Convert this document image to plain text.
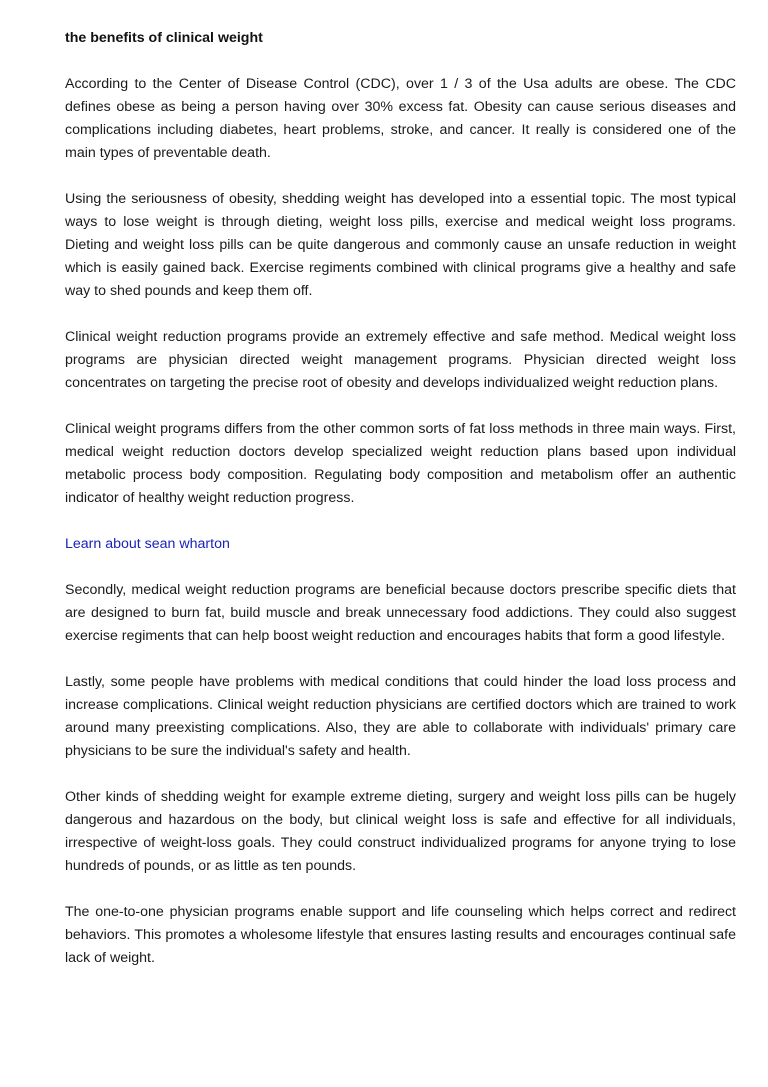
the benefits of clinical weight

According to the Center of Disease Control (CDC), over 1 / 3 of the Usa adults are obese. The CDC defines obese as being a person having over 30% excess fat. Obesity can cause serious diseases and complications including diabetes, heart problems, stroke, and cancer. It really is considered one of the main types of preventable death.

Using the seriousness of obesity, shedding weight has developed into a essential topic. The most typical ways to lose weight is through dieting, weight loss pills, exercise and medical weight loss programs. Dieting and weight loss pills can be quite dangerous and commonly cause an unsafe reduction in weight which is easily gained back. Exercise regiments combined with clinical programs give a healthy and safe way to shed pounds and keep them off.

Clinical weight reduction programs provide an extremely effective and safe method. Medical weight loss programs are physician directed weight management programs. Physician directed weight loss concentrates on targeting the precise root of obesity and develops individualized weight reduction plans.

Clinical weight programs differs from the other common sorts of fat loss methods in three main ways. First, medical weight reduction doctors develop specialized weight reduction plans based upon individual metabolic process body composition. Regulating body composition and metabolism offer an authentic indicator of healthy weight reduction progress.

Learn about sean wharton

Secondly, medical weight reduction programs are beneficial because doctors prescribe specific diets that are designed to burn fat, build muscle and break unnecessary food addictions. They could also suggest exercise regiments that can help boost weight reduction and encourages habits that form a good lifestyle.

Lastly, some people have problems with medical conditions that could hinder the load loss process and increase complications. Clinical weight reduction physicians are certified doctors which are trained to work around many preexisting complications. Also, they are able to collaborate with individuals' primary care physicians to be sure the individual's safety and health.

Other kinds of shedding weight for example extreme dieting, surgery and weight loss pills can be hugely dangerous and hazardous on the body, but clinical weight loss is safe and effective for all individuals, irrespective of weight-loss goals. They could construct individualized programs for anyone trying to lose hundreds of pounds, or as little as ten pounds.

The one-to-one physician programs enable support and life counseling which helps correct and redirect behaviors. This promotes a wholesome lifestyle that ensures lasting results and encourages continual safe lack of weight.
